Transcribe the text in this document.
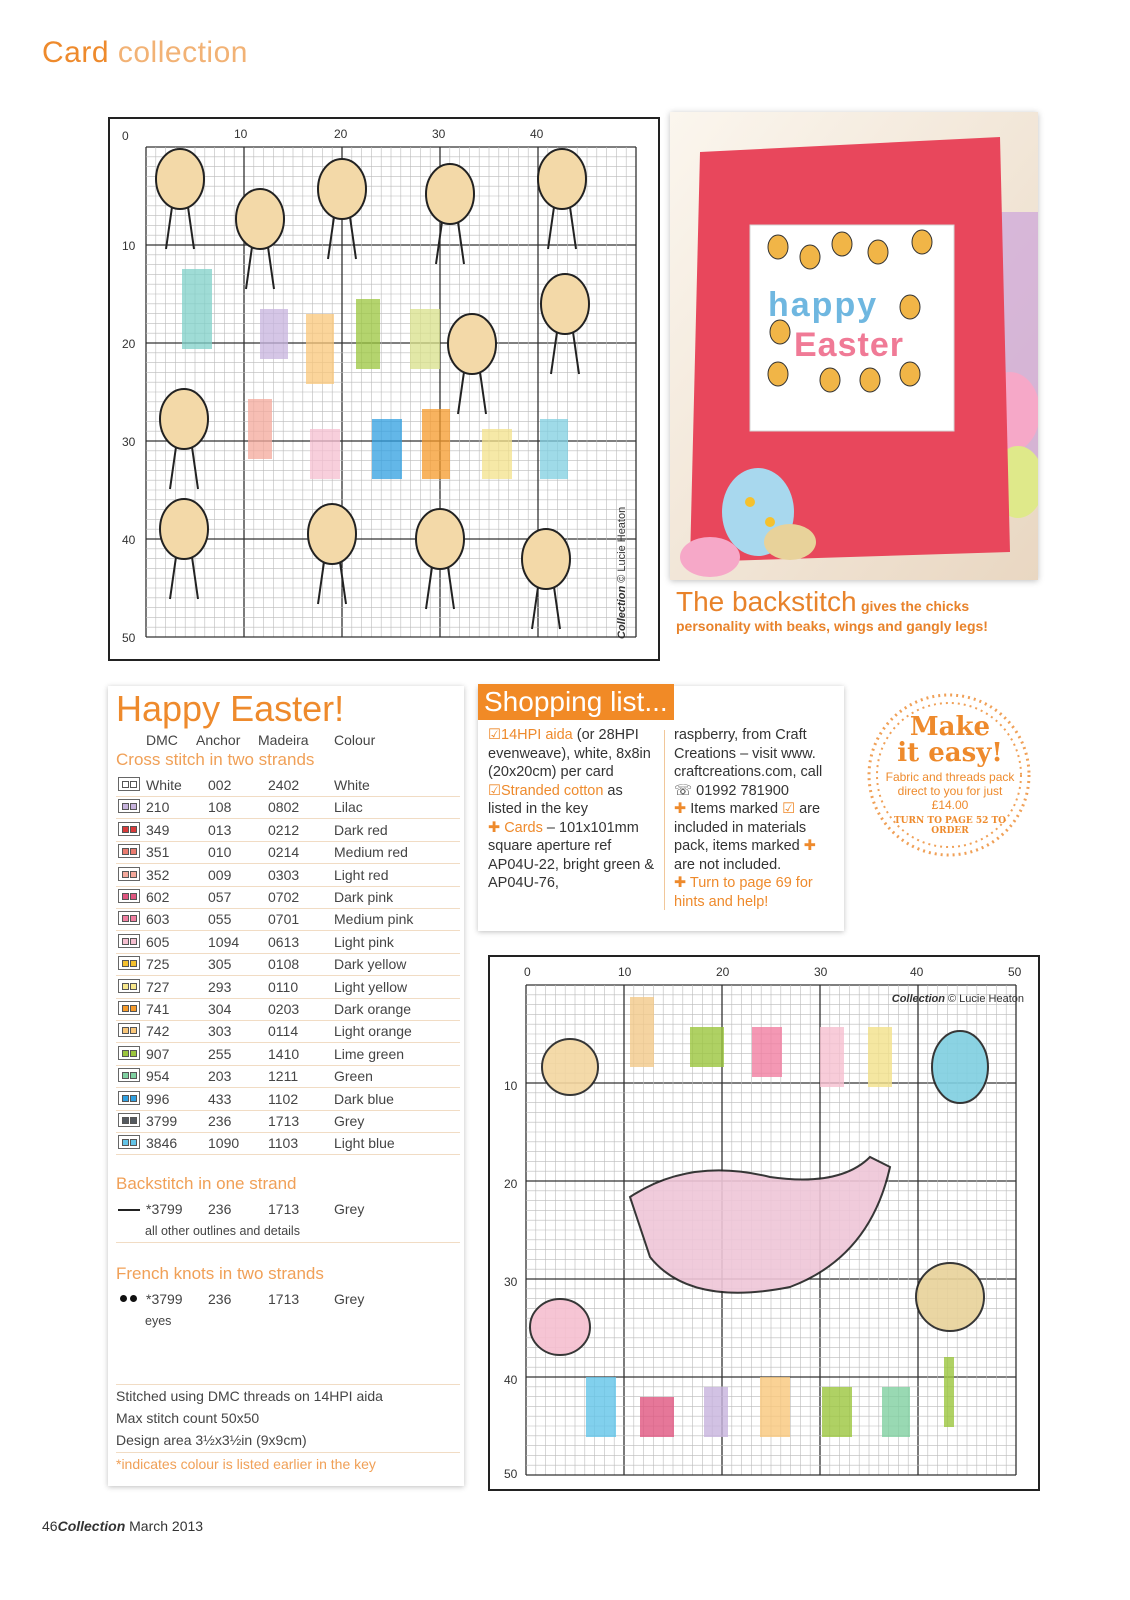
Card collection
0	10	20	30	40
10
20
30
40
50	Collection © Lucie Heaton
happy
Easter
The backstitch gives the chicks personality with beaks, wings and gangly legs!
Happy Easter!
DMC Anchor Madeira Colour
Cross stitch in two strands
White 002	2402 White
210	108	0802 Lilac
349	013	0212 Dark red
351	010	0214 Medium red
352	009	0303 Light red
602	057	0702 Dark pink
603	055	0701 Medium pink
605	1094 0613 Light pink
725	305	0108 Dark yellow
727	293	0110	Light yellow
741	304	0203 Dark orange
742	303	0114	Light orange
907	255	1410 Lime green
954	203	1211	Green
996	433	1102	Dark blue
3799 236	1713 Grey
3846 1090 1103	Light blue
Backstitch in one strand
*3799 236	1713 Grey
all other outlines and details
French knots in two strands
*3799 236	1713 Grey
eyes
Stitched using DMC threads on 14HPI aida
Max stitch count 50x50
Design area 3½x3½in (9x9cm)
*indicates colour is listed earlier in the key
Shopping list...

☑14HPI aida (or 28HPI evenweave), white, 8x8in (20x20cm) per card

☑Stranded cotton as listed in the key

✚ Cards – 101x101mm square aperture ref AP04U-22, bright green & AP04U-76,

raspberry, from Craft Creations – visit www. craftcreations.com, call ☏ 01992 781900

✚ Items marked ☑ are included in materials pack, items marked ✚ are not included.

✚ Turn to page 69 for hints and help!

Make
it easy!
Fabric and threads pack direct to you for just £14.00
TURN TO PAGE 52 TO ORDER
0	10	20	30	40	50
10
20
30
40
50
Collection © Lucie Heaton
46Collection March 2013
